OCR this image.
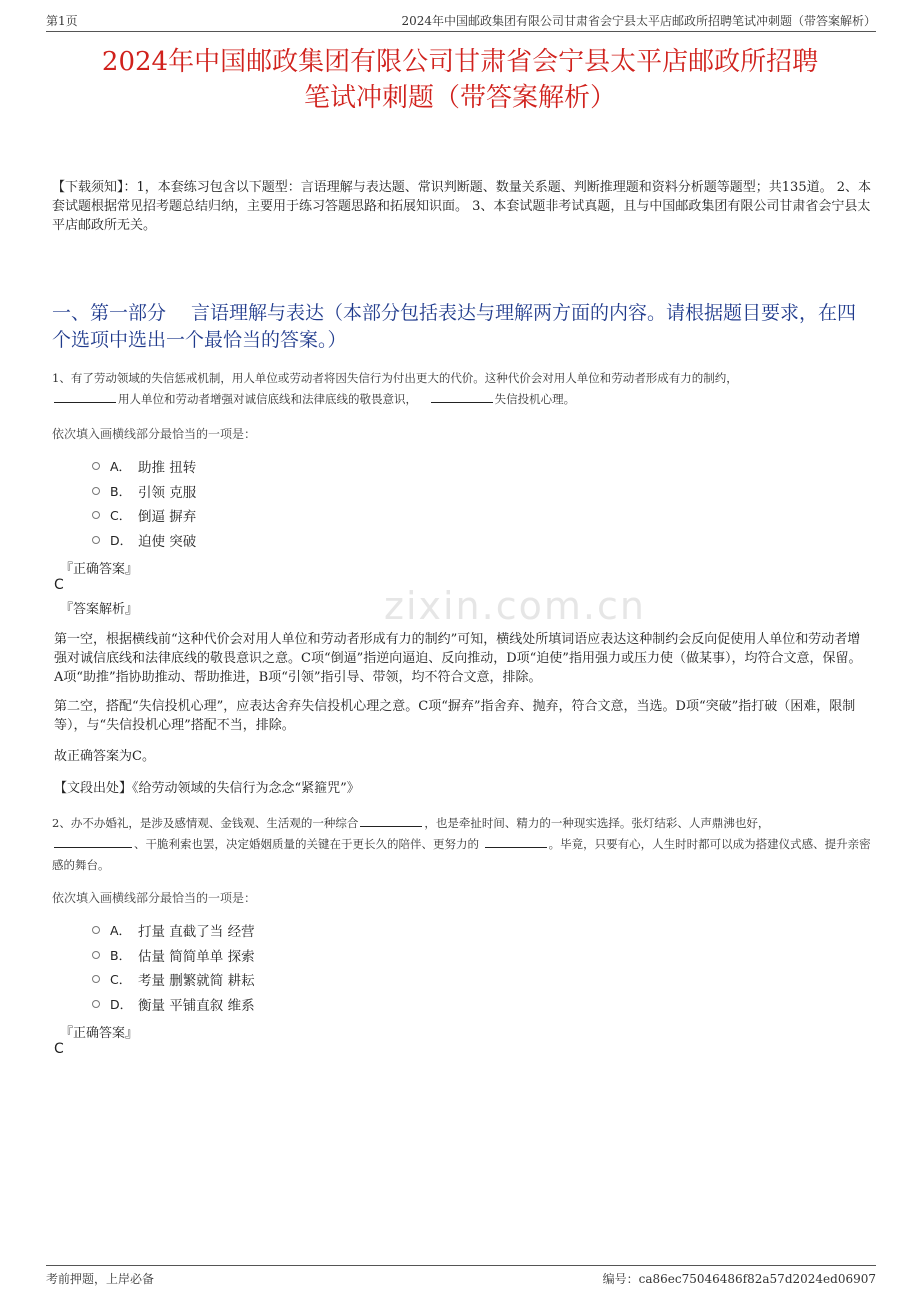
第1页	2024年中国邮政集团有限公司甘肃省会宁县太平店邮政所招聘笔试冲刺题（带答案解析）
2024年中国邮政集团有限公司甘肃省会宁县太平店邮政所招聘
笔试冲刺题（带答案解析）
【下载须知】：1，本套练习包含以下题型：言语理解与表达题、常识判断题、数量关系题、判断推理题和资料分析题等题型；共135道。 2、本套试题根据常见招考题总结归纳，主要用于练习答题思路和拓展知识面。 3、本套试题非考试真题，且与中国邮政集团有限公司甘肃省会宁县太平店邮政所无关。
一、第一部分　 言语理解与表达（本部分包括表达与理解两方面的内容。请根据题目要求，在四个选项中选出一个最恰当的答案。）
1、有了劳动领域的失信惩戒机制，用人单位或劳动者将因失信行为付出更大的代价。这种代价会对用人单位和劳动者形成有力的制约，
用人单位和劳动者增强对诚信底线和法律底线的敬畏意识，	失信投机心理。
依次填入画横线部分最恰当的一项是：
A． 助推 扭转
B． 引领 克服
C． 倒逼 摒弃
D． 迫使 突破
『正确答案』
C
『答案解析』	zixin.com.cn
第一空，根据横线前“这种代价会对用人单位和劳动者形成有力的制约”可知，横线处所填词语应表达这种制约会反向促使用人单位和劳动者增强对诚信底线和法律底线的敬畏意识之意。C项“倒逼”指逆向逼迫、反向推动，D项“迫使”指用强力或压力使（做某事），均符合文意，保留。A项“助推”指协助推动、帮助推进，B项“引领”指引导、带领，均不符合文意，排除。
第二空，搭配“失信投机心理”，应表达舍弃失信投机心理之意。C项“摒弃”指舍弃、抛弃，符合文意，当选。D项“突破”指打破（困难，限制等），与“失信投机心理”搭配不当，排除。
故正确答案为C。
【文段出处】《给劳动领域的失信行为念念“紧箍咒”》
2、办不办婚礼，是涉及感情观、金钱观、生活观的一种综合	，也是牵扯时间、精力的一种现实选择。张灯结彩、人声鼎沸也好，
、干脆利索也罢，决定婚姻质量的关键在于更长久的陪伴、更努力的	。毕竟，只要有心，人生时时都可以成为搭建仪式感、提升亲密感的舞台。
依次填入画横线部分最恰当的一项是：
A． 打量 直截了当 经营
B． 估量 简简单单 探索
C． 考量 删繁就简 耕耘
D． 衡量 平铺直叙 维系
『正确答案』
C
考前押题，上岸必备	编号：ca86ec75046486f82a57d2024ed06907
